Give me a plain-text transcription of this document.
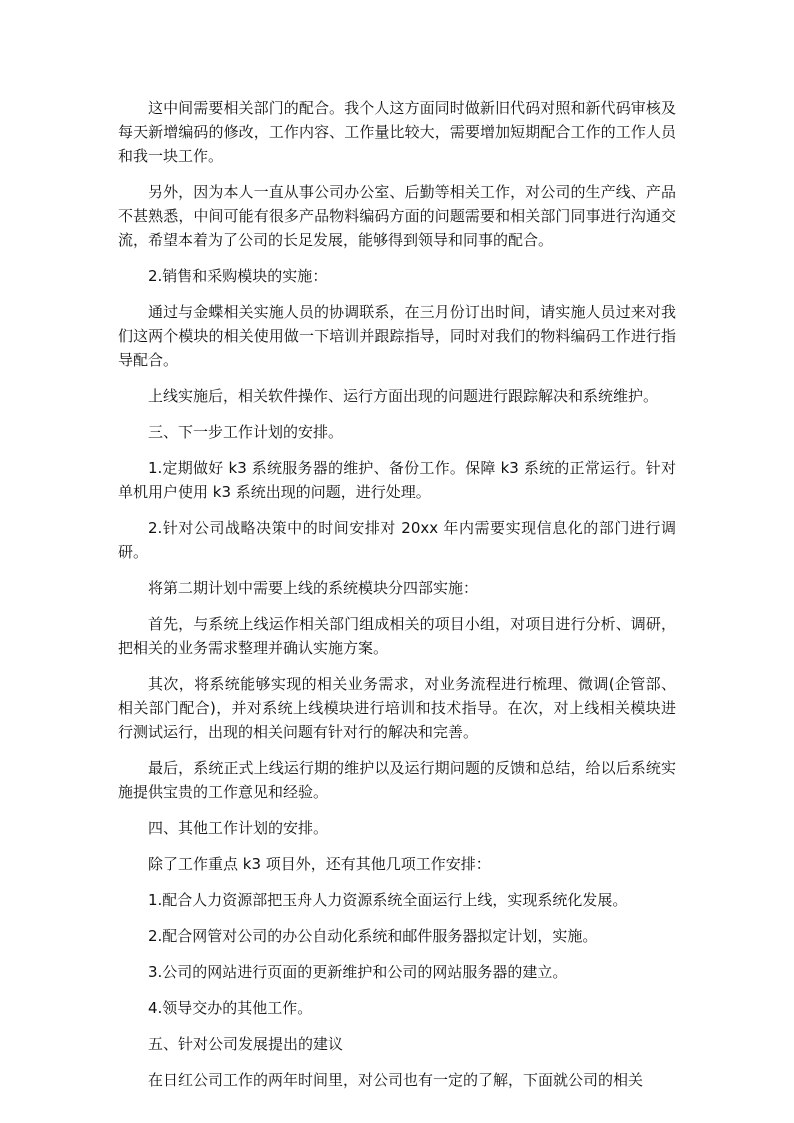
这中间需要相关部门的配合。我个人这方面同时做新旧代码对照和新代码审核及每天新增编码的修改，工作内容、工作量比较大，需要增加短期配合工作的工作人员和我一块工作。

另外，因为本人一直从事公司办公室、后勤等相关工作，对公司的生产线、产品不甚熟悉，中间可能有很多产品物料编码方面的问题需要和相关部门同事进行沟通交流，希望本着为了公司的长足发展，能够得到领导和同事的配合。

2.销售和采购模块的实施：

通过与金蝶相关实施人员的协调联系，在三月份订出时间，请实施人员过来对我们这两个模块的相关使用做一下培训并跟踪指导，同时对我们的物料编码工作进行指导配合。

上线实施后，相关软件操作、运行方面出现的问题进行跟踪解决和系统维护。

三、下一步工作计划的安排。

1.定期做好 k3 系统服务器的维护、备份工作。保障 k3 系统的正常运行。针对单机用户使用 k3 系统出现的问题，进行处理。

2.针对公司战略决策中的时间安排对 20xx 年内需要实现信息化的部门进行调研。

将第二期计划中需要上线的系统模块分四部实施：

首先，与系统上线运作相关部门组成相关的项目小组，对项目进行分析、调研，把相关的业务需求整理并确认实施方案。

其次，将系统能够实现的相关业务需求，对业务流程进行梳理、微调(企管部、相关部门配合)，并对系统上线模块进行培训和技术指导。在次，对上线相关模块进行测试运行，出现的相关问题有针对行的解决和完善。

最后，系统正式上线运行期的维护以及运行期问题的反馈和总结，给以后系统实施提供宝贵的工作意见和经验。

四、其他工作计划的安排。

除了工作重点 k3 项目外，还有其他几项工作安排：

1.配合人力资源部把玉舟人力资源系统全面运行上线，实现系统化发展。

2.配合网管对公司的办公自动化系统和邮件服务器拟定计划，实施。

3.公司的网站进行页面的更新维护和公司的网站服务器的建立。

4.领导交办的其他工作。

五、针对公司发展提出的建议

在日红公司工作的两年时间里，对公司也有一定的了解，下面就公司的相关
